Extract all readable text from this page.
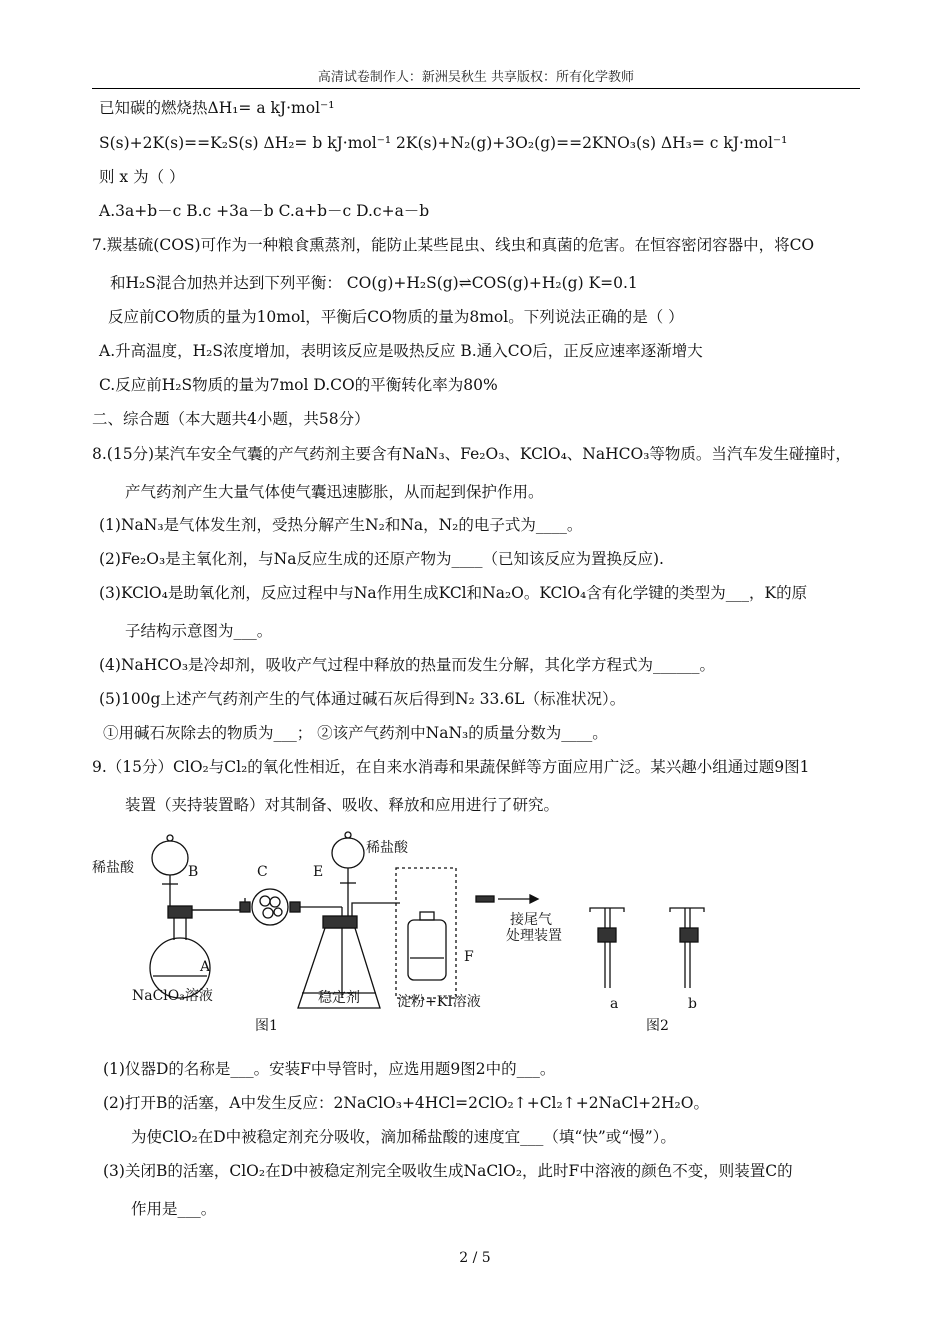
高清试卷制作人：新洲吴秋生 共享版权：所有化学教师
已知碳的燃烧热ΔH₁= a kJ·mol⁻¹
S(s)+2K(s)==K₂S(s) ΔH₂= b kJ·mol⁻¹ 2K(s)+N₂(g)+3O₂(g)==2KNO₃(s) ΔH₃= c kJ·mol⁻¹
则 x 为（ ）
A.3a+b－c B.c +3a－b C.a+b－c D.c+a－b
7.羰基硫(COS)可作为一种粮食熏蒸剂，能防止某些昆虫、线虫和真菌的危害。在恒容密闭容器中，将CO
和H₂S混合加热并达到下列平衡： CO(g)+H₂S(g)⇌COS(g)+H₂(g) K=0.1
反应前CO物质的量为10mol，平衡后CO物质的量为8mol。下列说法正确的是（ ）
A.升高温度，H₂S浓度增加，表明该反应是吸热反应 B.通入CO后，正反应速率逐渐增大
C.反应前H₂S物质的量为7mol D.CO的平衡转化率为80%
二、综合题（本大题共4小题，共58分）
8.(15分)某汽车安全气囊的产气药剂主要含有NaN₃、Fe₂O₃、KClO₄、NaHCO₃等物质。当汽车发生碰撞时，
产气药剂产生大量气体使气囊迅速膨胀，从而起到保护作用。
(1)NaN₃是气体发生剂，受热分解产生N₂和Na，N₂的电子式为____。
(2)Fe₂O₃是主氧化剂，与Na反应生成的还原产物为____（已知该反应为置换反应).
(3)KClO₄是助氧化剂，反应过程中与Na作用生成KCl和Na₂O。KClO₄含有化学键的类型为___，K的原
子结构示意图为___。
(4)NaHCO₃是冷却剂，吸收产气过程中释放的热量而发生分解，其化学方程式为______。
(5)100g上述产气药剂产生的气体通过碱石灰后得到N₂ 33.6L（标准状况）。
①用碱石灰除去的物质为___； ②该产气药剂中NaN₃的质量分数为____。
9.（15分）ClO₂与Cl₂的氧化性相近，在自来水消毒和果蔬保鲜等方面应用广泛。某兴趣小组通过题9图1
装置（夹持装置略）对其制备、吸收、释放和应用进行了研究。
稀盐酸	B	C	E
稀盐酸
A
NaClO₃溶液	稳定剂
F
淀粉+KI溶液
接尾气
处理装置
a	b
图1	图2
(1)仪器D的名称是___。安装F中导管时，应选用题9图2中的___。
(2)打开B的活塞，A中发生反应：2NaClO₃+4HCl=2ClO₂↑+Cl₂↑+2NaCl+2H₂O。
为使ClO₂在D中被稳定剂充分吸收，滴加稀盐酸的速度宜___（填“快”或“慢”）。
(3)关闭B的活塞，ClO₂在D中被稳定剂完全吸收生成NaClO₂，此时F中溶液的颜色不变，则装置C的
作用是___。
2 / 5
